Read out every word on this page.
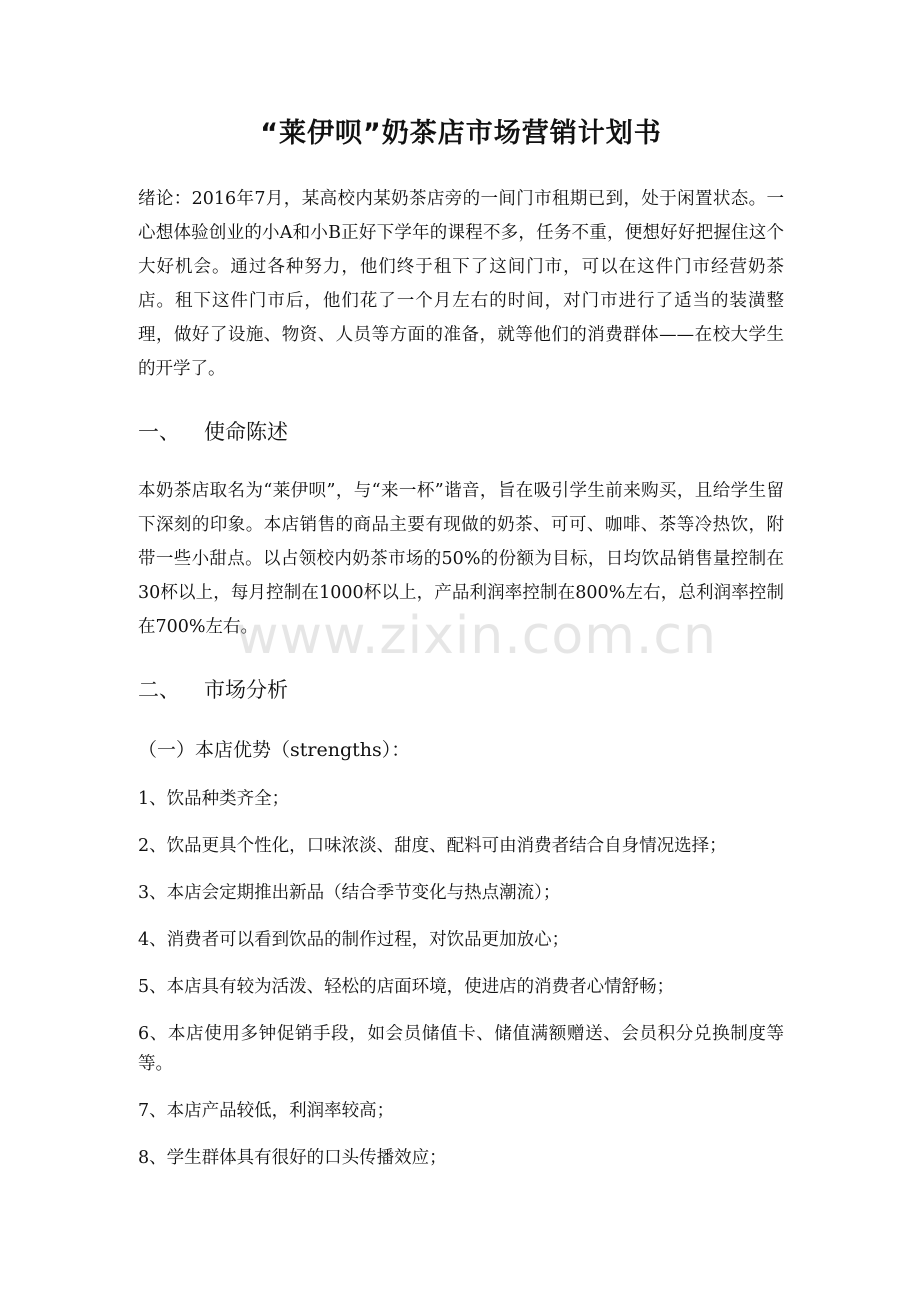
“莱伊呗”奶茶店市场营销计划书

绪论：2016年7月，某高校内某奶茶店旁的一间门市租期已到，处于闲置状态。一心想体验创业的小A和小B正好下学年的课程不多，任务不重，便想好好把握住这个大好机会。通过各种努力，他们终于租下了这间门市，可以在这件门市经营奶茶店。租下这件门市后，他们花了一个月左右的时间，对门市进行了适当的装潢整理，做好了设施、物资、人员等方面的准备，就等他们的消费群体——在校大学生的开学了。

一、	使命陈述

本奶茶店取名为“莱伊呗”，与“来一杯”谐音，旨在吸引学生前来购买，且给学生留下深刻的印象。本店销售的商品主要有现做的奶茶、可可、咖啡、茶等冷热饮，附带一些小甜点。以占领校内奶茶市场的50%的份额为目标，日均饮品销售量控制在30杯以上，每月控制在1000杯以上，产品利润率控制在800%左右，总利润率控制在700%左右。

二、	市场分析
（一）本店优势（strengths）：
1、饮品种类齐全；
2、饮品更具个性化，口味浓淡、甜度、配料可由消费者结合自身情况选择；
3、本店会定期推出新品（结合季节变化与热点潮流）；
4、消费者可以看到饮品的制作过程，对饮品更加放心；
5、本店具有较为活泼、轻松的店面环境，使进店的消费者心情舒畅；
6、本店使用多钟促销手段，如会员储值卡、储值满额赠送、会员积分兑换制度等等。
7、本店产品较低，利润率较高；
8、学生群体具有很好的口头传播效应；
www.zixin.com.cn
